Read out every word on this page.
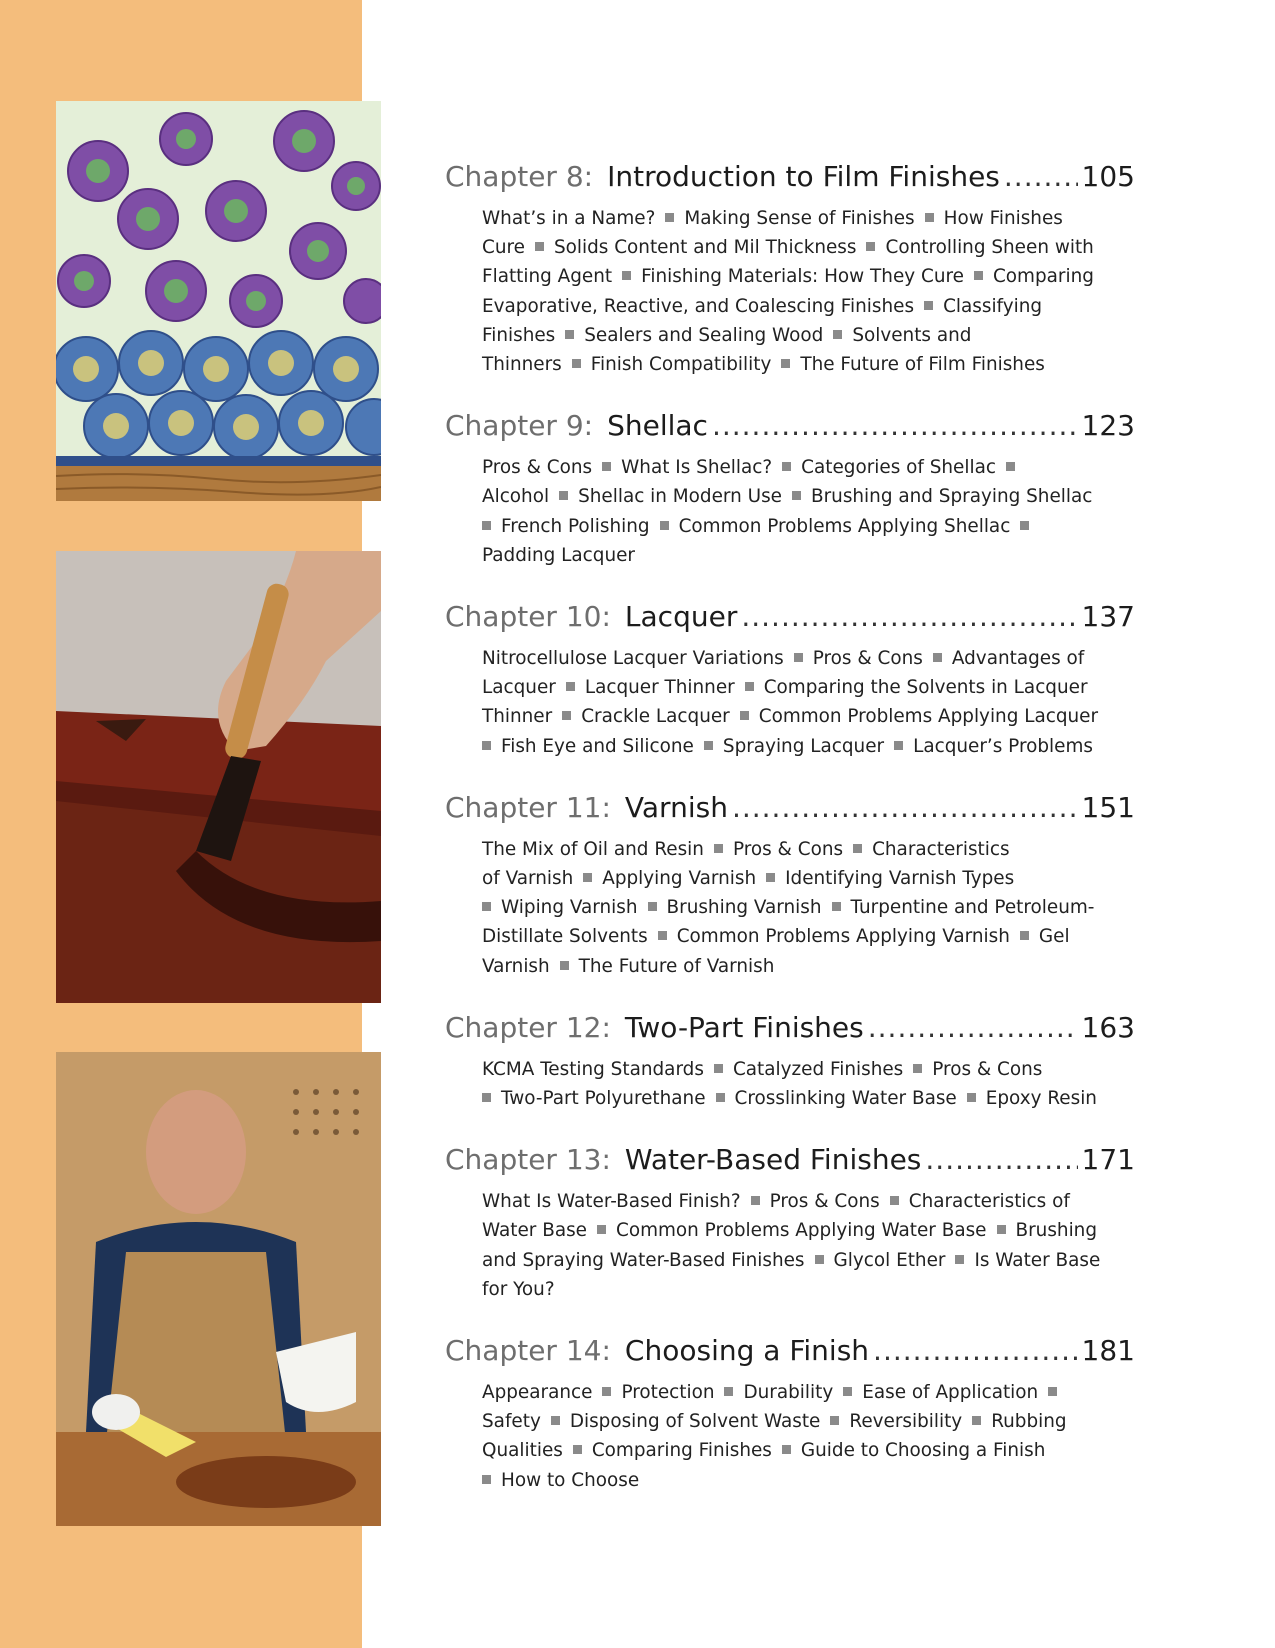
Chapter 8: Introduction to Film Finishes .....	105
What’s in a Name? Making Sense of Finishes How Finishes
Cure Solids Content and Mil Thickness Controlling Sheen with
Flatting Agent Finishing Materials: How They Cure Comparing
Evaporative, Reactive, and Coalescing Finishes Classifying
Finishes Sealers and Sealing Wood Solvents and
Thinners Finish Compatibility The Future of Film Finishes
Chapter 9: Shellac .....	123
Pros & Cons What Is Shellac? Categories of Shellac
Alcohol Shellac in Modern Use Brushing and Spraying Shellac
French Polishing Common Problems Applying Shellac
Padding Lacquer
Chapter 10: Lacquer .....	137
Nitrocellulose Lacquer Variations Pros & Cons Advantages of
Lacquer Lacquer Thinner Comparing the Solvents in Lacquer
Thinner Crackle Lacquer Common Problems Applying Lacquer
Fish Eye and Silicone Spraying Lacquer Lacquer’s Problems
Chapter 11: Varnish .....	151
The Mix of Oil and Resin Pros & Cons Characteristics
of Varnish Applying Varnish Identifying Varnish Types
Wiping Varnish Brushing Varnish Turpentine and Petroleum-
Distillate Solvents Common Problems Applying Varnish Gel
Varnish The Future of Varnish
Chapter 12: Two-Part Finishes .....	163
KCMA Testing Standards Catalyzed Finishes Pros & Cons
Two-Part Polyurethane Crosslinking Water Base Epoxy Resin
Chapter 13: Water-Based Finishes .....	171
What Is Water-Based Finish? Pros & Cons Characteristics of
Water Base Common Problems Applying Water Base Brushing
and Spraying Water-Based Finishes Glycol Ether Is Water Base
for You?
Chapter 14: Choosing a Finish .....	181
Appearance Protection Durability Ease of Application
Safety Disposing of Solvent Waste Reversibility Rubbing
Qualities Comparing Finishes Guide to Choosing a Finish
How to Choose
